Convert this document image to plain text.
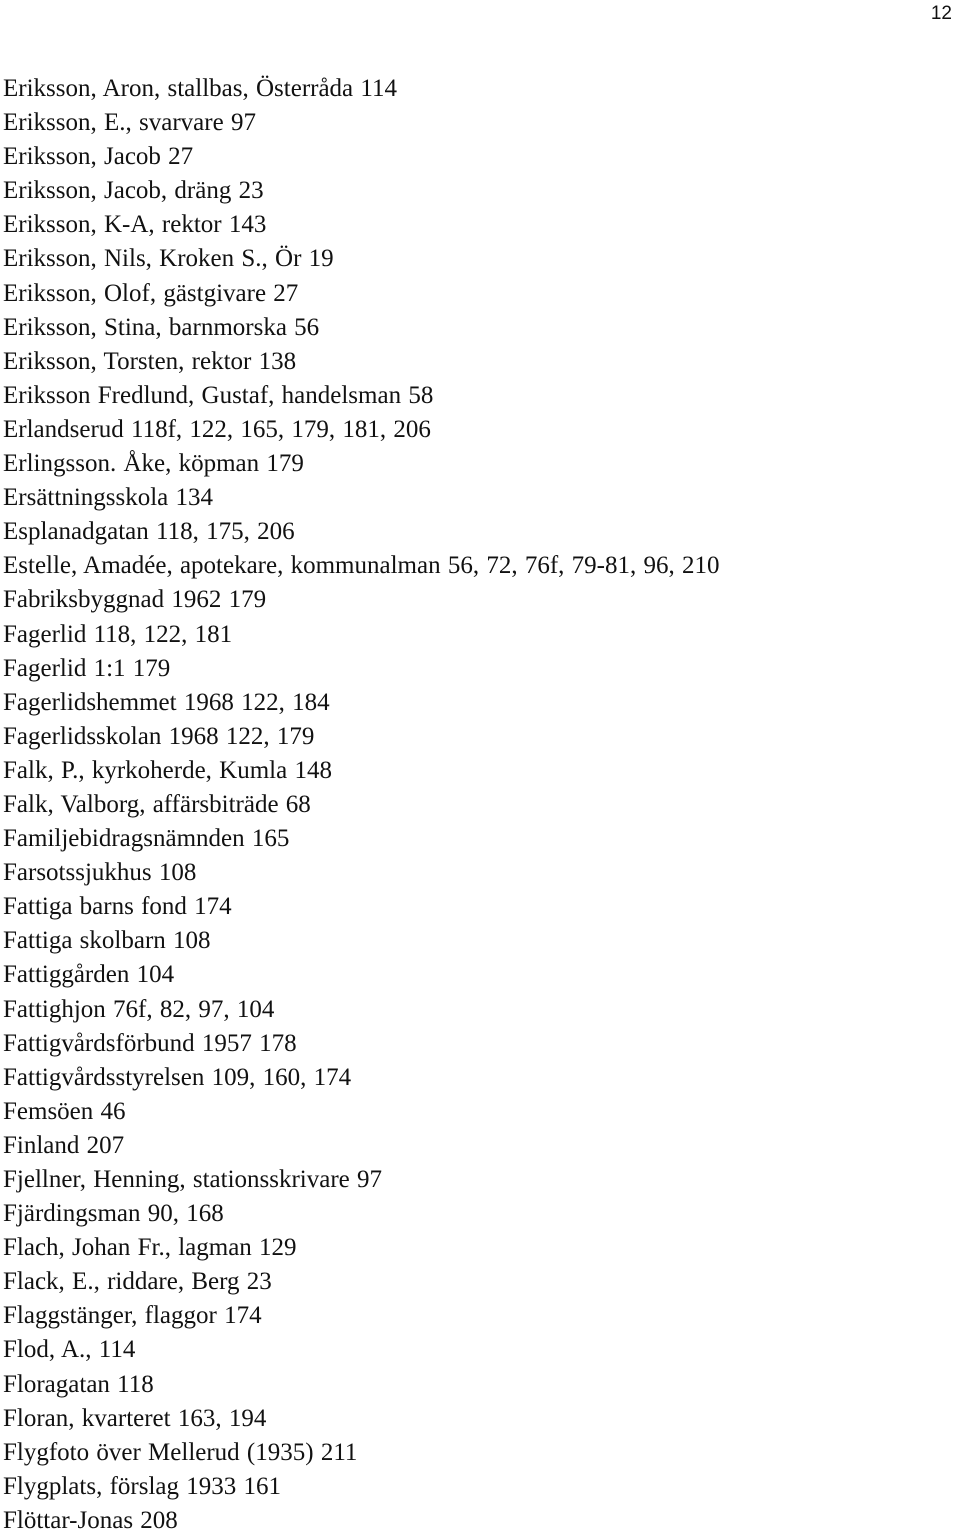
12
Eriksson, Aron, stallbas, Österråda 114
Eriksson, E., svarvare 97
Eriksson, Jacob 27
Eriksson, Jacob, dräng 23
Eriksson, K-A, rektor 143
Eriksson, Nils, Kroken S., Ör 19
Eriksson, Olof, gästgivare 27
Eriksson, Stina, barnmorska 56
Eriksson, Torsten, rektor 138
Eriksson Fredlund, Gustaf, handelsman 58
Erlandserud 118f, 122, 165, 179, 181, 206
Erlingsson. Åke, köpman 179
Ersättningsskola 134
Esplanadgatan 118, 175, 206
Estelle, Amadée, apotekare, kommunalman 56, 72, 76f, 79-81, 96, 210
Fabriksbyggnad 1962 179
Fagerlid 118, 122, 181
Fagerlid 1:1 179
Fagerlidshemmet 1968 122, 184
Fagerlidsskolan 1968 122, 179
Falk, P., kyrkoherde, Kumla 148
Falk, Valborg, affärsbiträde 68
Familjebidragsnämnden 165
Farsotssjukhus 108
Fattiga barns fond 174
Fattiga skolbarn 108
Fattiggården 104
Fattighjon 76f, 82, 97, 104
Fattigvårdsförbund 1957 178
Fattigvårdsstyrelsen 109, 160, 174
Femsöen 46
Finland 207
Fjellner, Henning, stationsskrivare 97
Fjärdingsman 90, 168
Flach, Johan Fr., lagman 129
Flack, E., riddare, Berg 23
Flaggstänger, flaggor 174
Flod, A., 114
Floragatan 118
Floran, kvarteret 163, 194
Flygfoto över Mellerud (1935) 211
Flygplats, förslag 1933 161
Flöttar-Jonas 208
